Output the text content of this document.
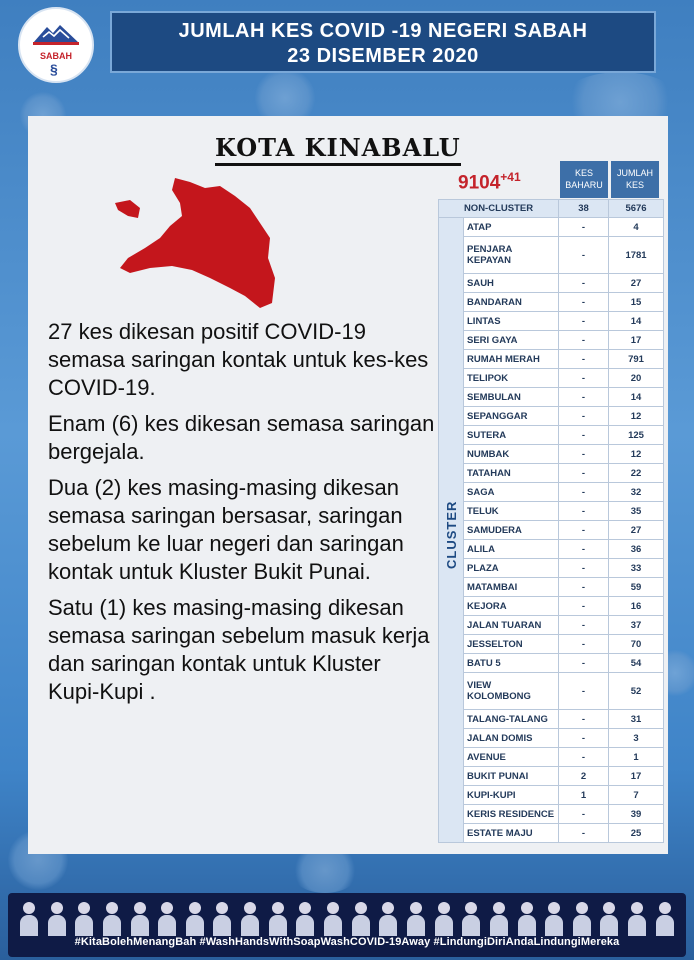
SABAH
§
JUMLAH KES COVID -19 NEGERI SABAH
23 DISEMBER 2020
KOTA KINABALU

27 kes dikesan positif COVID-19 semasa saringan kontak untuk kes-kes COVID-19.

Enam (6) kes dikesan semasa saringan bergejala.

Dua (2) kes masing-masing dikesan semasa saringan bersasar, saringan sebelum ke luar negeri dan saringan kontak untuk Kluster Bukit Punai.

Satu (1) kes masing-masing dikesan semasa saringan sebelum masuk kerja dan saringan kontak untuk Kluster Kupi-Kupi .

$9104^{+41}$	KES BAHARU
JUMLAH KES
NON-CLUSTER		38	5676
	ATAP	-	4
	PENJARA KEPAYAN	-	1781
	SAUH	-	27
	BANDARAN	-	15
	LINTAS	-	14
	SERI GAYA	-	17
	RUMAH MERAH	-	791
	TELIPOK	-	20
	SEMBULAN	-	14
	SEPANGGAR	-	12
	SUTERA	-	125
	NUMBAK	-	12
	TATAHAN	-	22
	SAGA	-	32
	TELUK	-	35
	SAMUDERA	-	27
	ALILA	-	36
	PLAZA	-	33
	MATAMBAI	-	59
	KEJORA	-	16
	JALAN TUARAN	-	37
	JESSELTON	-	70
	BATU 5	-	54
	VIEW KOLOMBONG	-	52
	TALANG-TALANG	-	31
	JALAN DOMIS	-	3
	AVENUE	-	1
	BUKIT PUNAI	2	17
	KUPI-KUPI	1	7
	KERIS RESIDENCE	-	39
	ESTATE MAJU	-	25
CLUSTER
#KitaBolehMenangBah #WashHandsWithSoapWashCOVID-19Away #LindungiDiriAndaLindungiMereka
